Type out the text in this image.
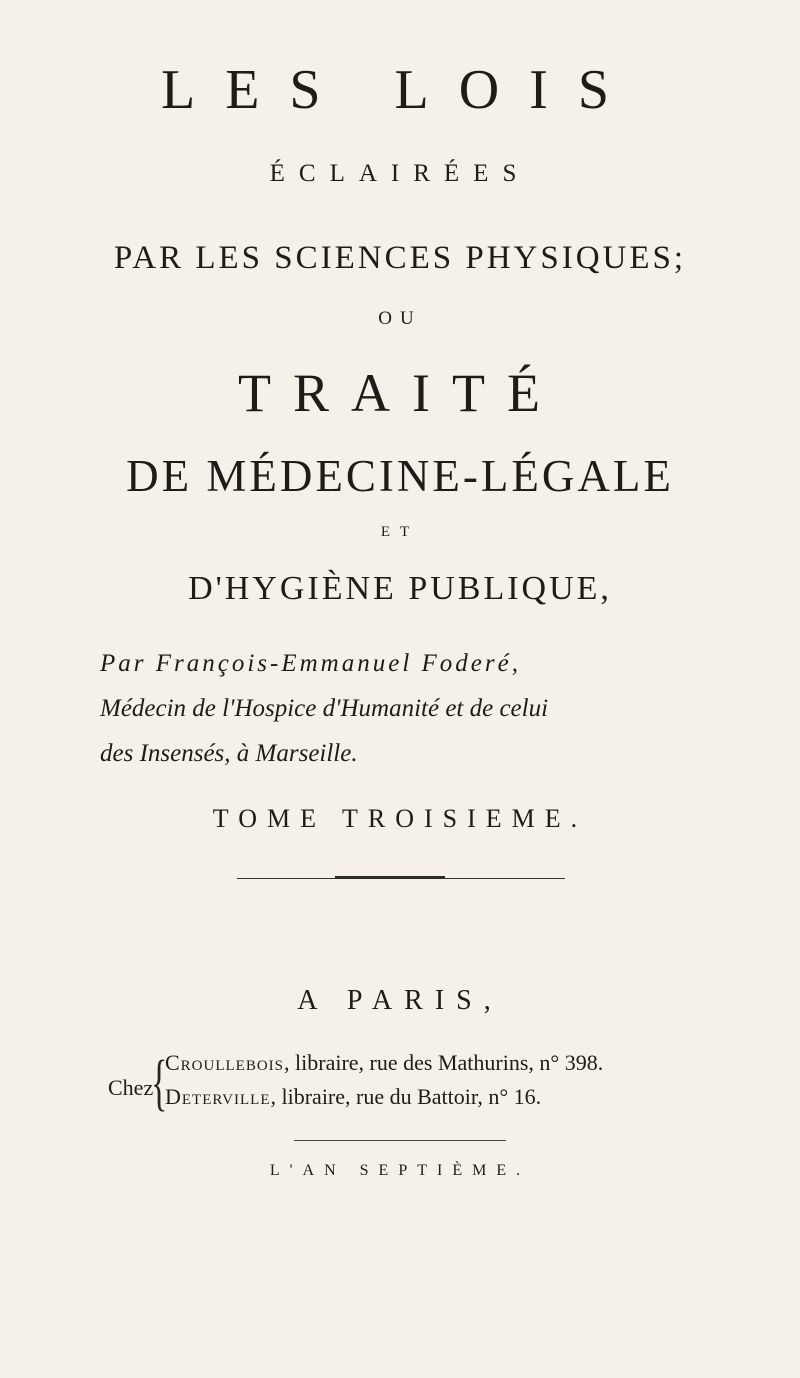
LES LOIS
ÉCLAIRÉES
PAR LES SCIENCES PHYSIQUES;
OU
TRAITÉ
DE MÉDECINE-LÉGALE
ET
D'HYGIÈNE PUBLIQUE,
Par François-Emmanuel Foderé,
Médecin de l'Hospice d'Humanité et de celui
des Insensés, à Marseille.
TOME TROISIEME.
A PARIS,
Chez
{
Croullebois, libraire, rue des Mathurins, n° 398.
Deterville, libraire, rue du Battoir, n° 16.
L'AN SEPTIÈME.
